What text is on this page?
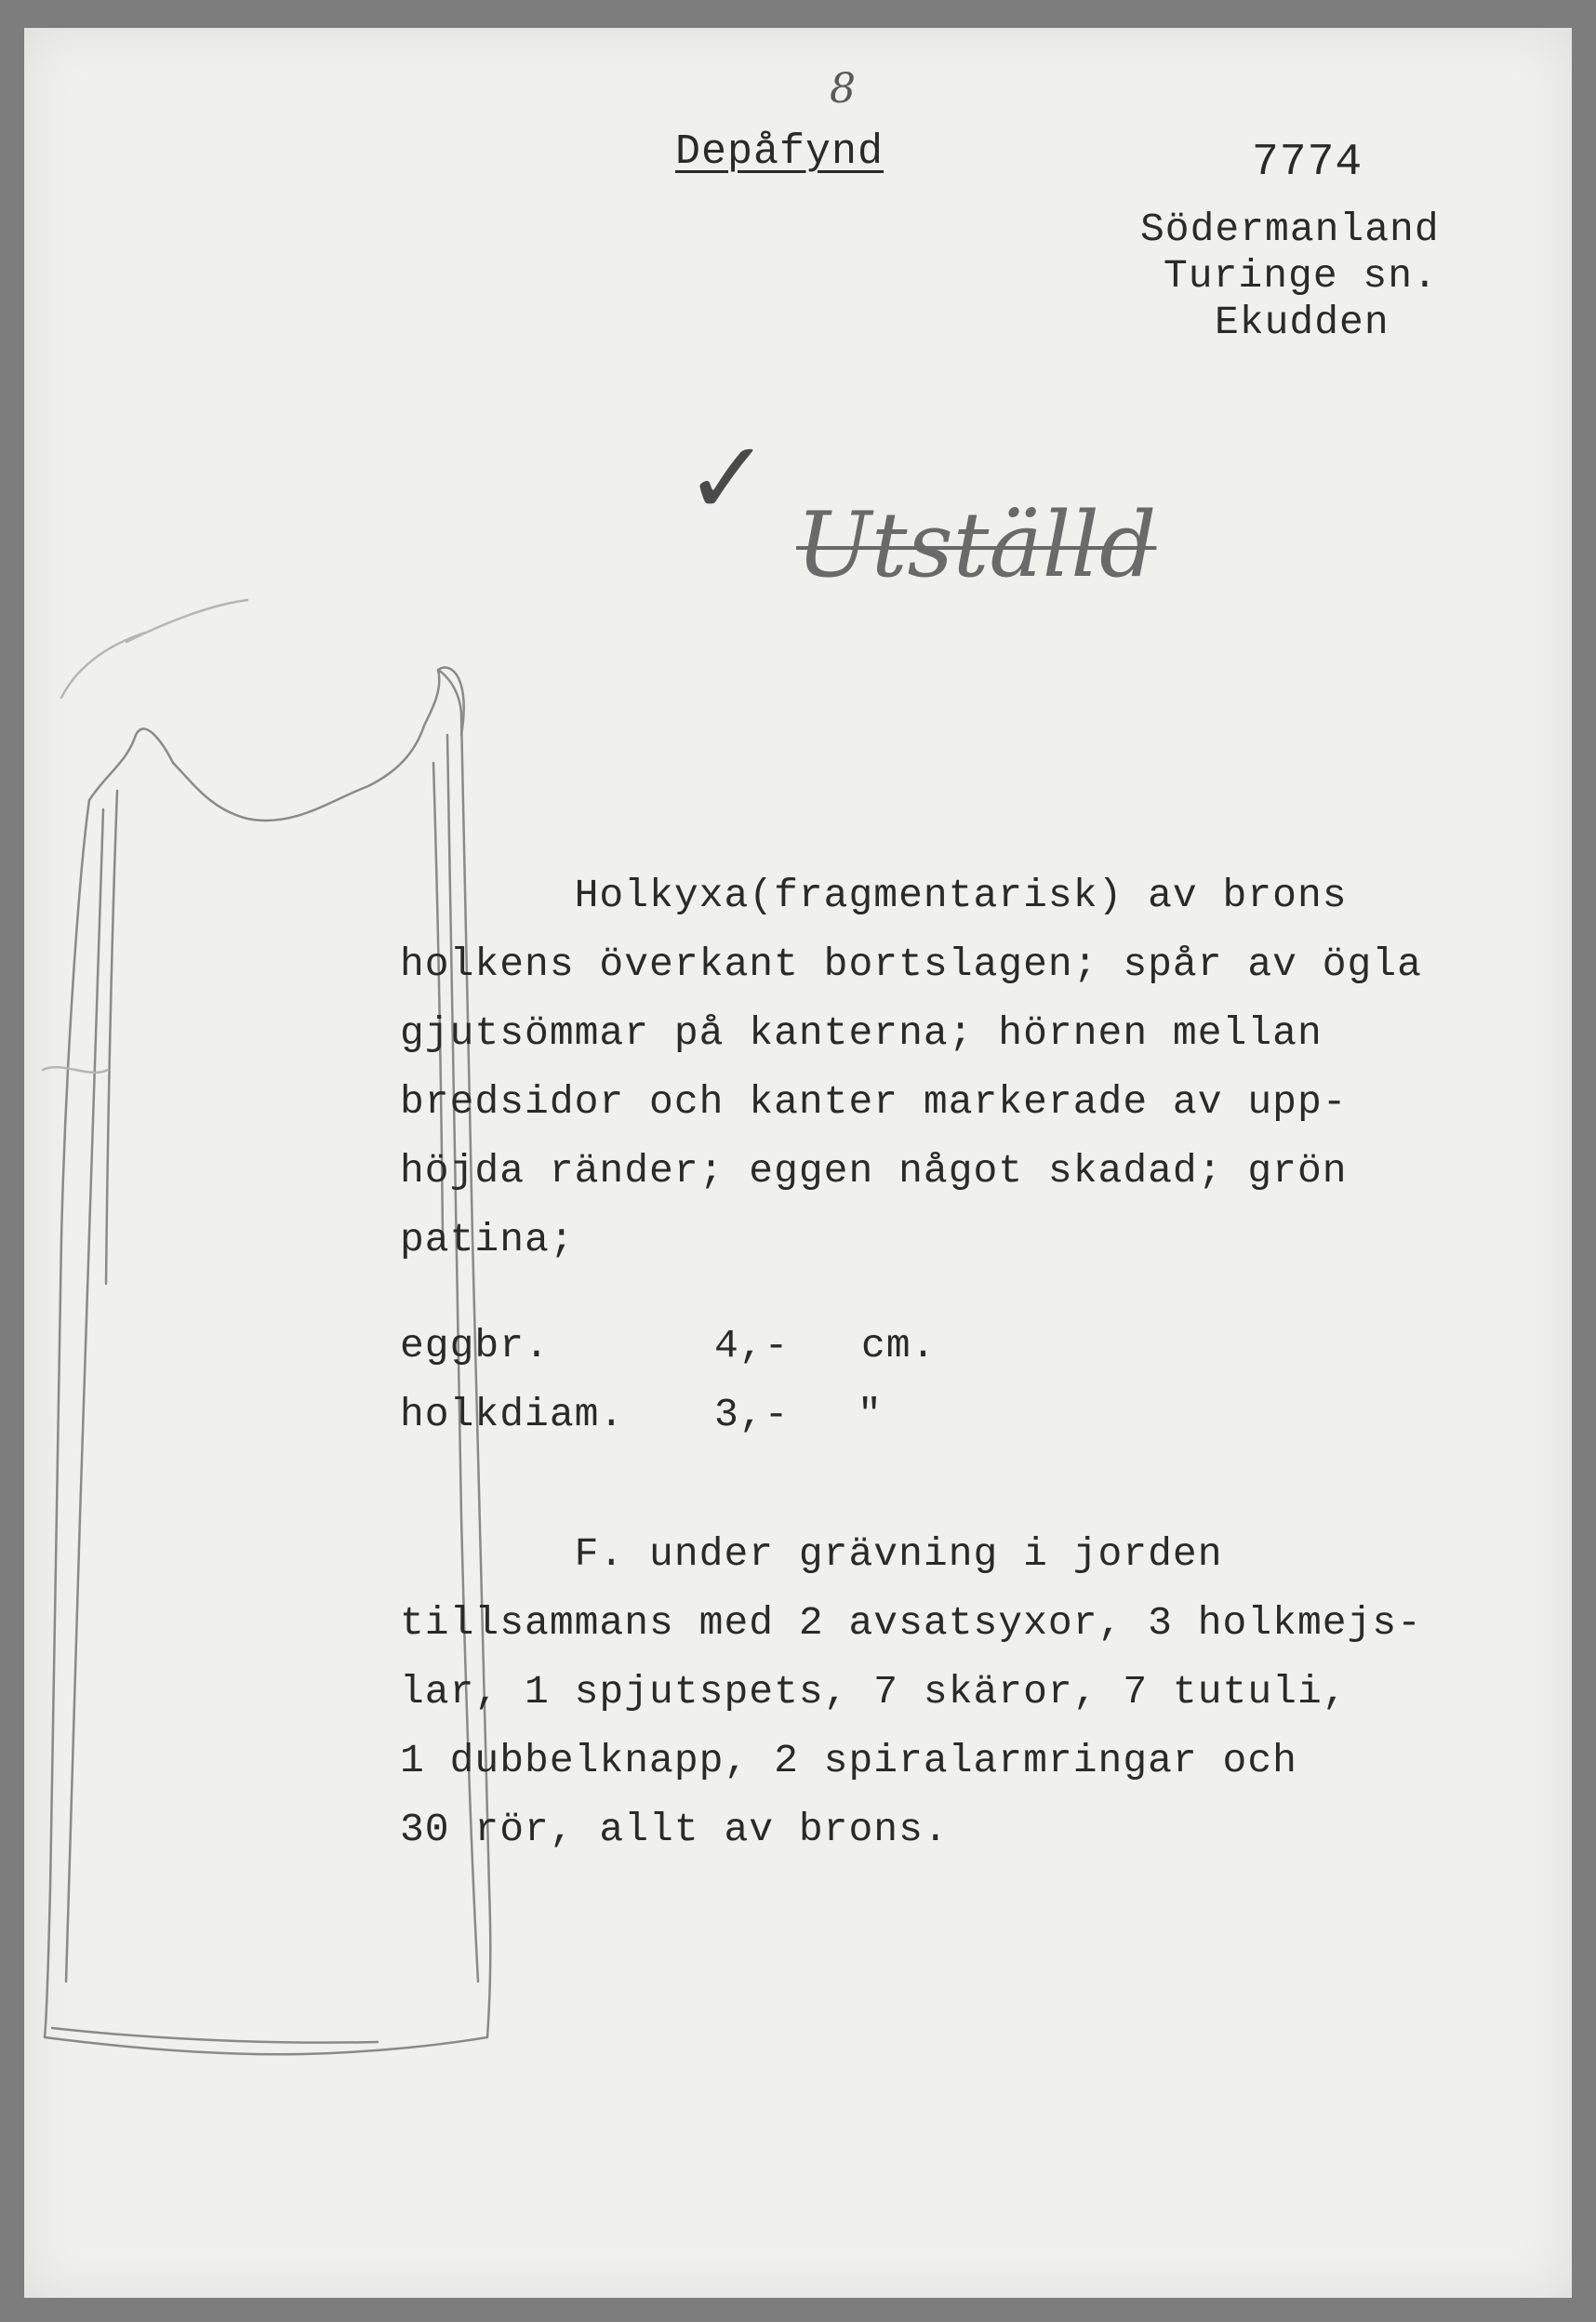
8
Depåfynd	7774
Södermanland
Turinge sn.
Ekudden
✓
Utställd
Holkyxa(fragmentarisk) av brons
holkens överkant bortslagen; spår av ögla
gjutsömmar på kanterna; hörnen mellan
bredsidor och kanter markerade av upp-
höjda ränder; eggen något skadad; grön
patina;
eggbr.	4,- cm.
holkdiam. 3,- "
F. under grävning i jorden
tillsammans med 2 avsatsyxor, 3 holkmejs-
lar, 1 spjutspets, 7 skäror, 7 tutuli,
1 dubbelknapp, 2 spiralarmringar och
30 rör, allt av brons.
